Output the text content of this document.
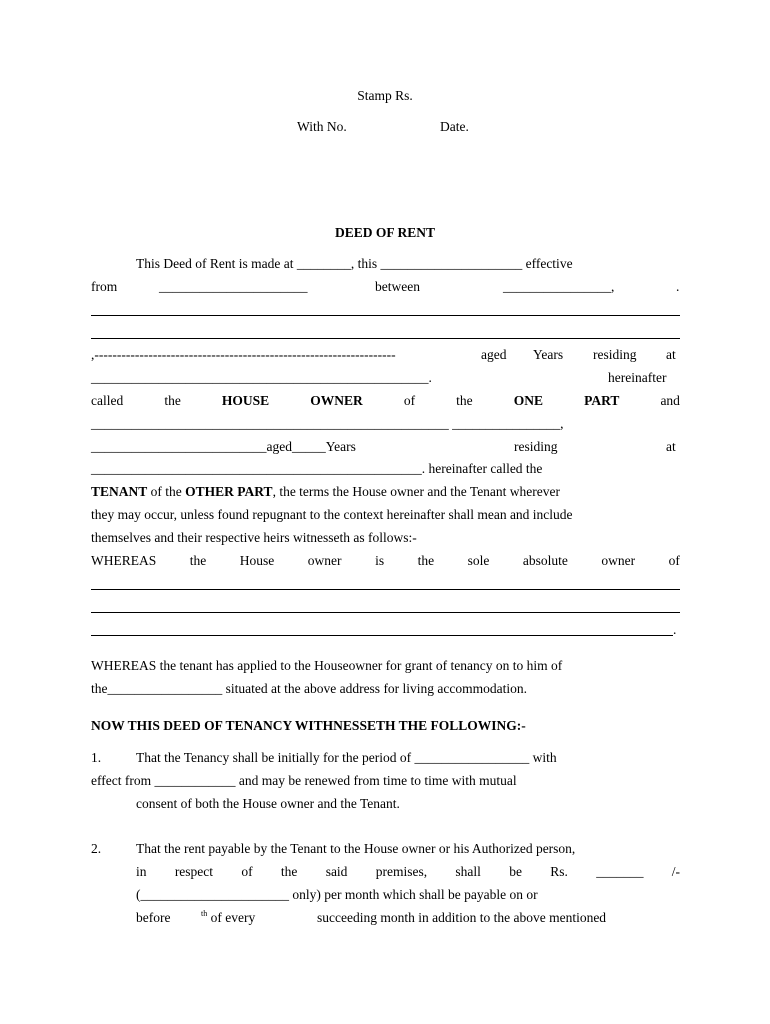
Stamp Rs.
With No.	Date.
DEED OF RENT
This Deed of Rent is made at ________, this _____________________ effective
from	______________________	between	________________,	.
,-------------------------------------------------------------------	aged Years residing at
__________________________________________________.	hereinafter
called	the	HOUSE	OWNER	of	the	ONE	PART	and
_____________________________________________________ ________________,
__________________________aged_____Years	residing	at
_________________________________________________. hereinafter called the
TENANT of the OTHER PART, the terms the House owner and the Tenant wherever
they may occur, unless found repugnant to the context hereinafter shall mean and include
themselves and their respective heirs witnesseth as follows:-
WHEREAS the House owner is the sole absolute owner of
.
WHEREAS the tenant has applied to the Houseowner for grant of tenancy on to him of
the_________________ situated at the above address for living accommodation.
NOW THIS DEED OF TENANCY WITHNESSETH THE FOLLOWING:-
1.	That the Tenancy shall be initially for the period of _________________ with
effect from ____________ and may be renewed from time to time with mutual
consent of both the House owner and the Tenant.
2.	That the rent payable by the Tenant to the House owner or his Authorized person,
in respect of the said premises, shall be Rs. _______ /-
(______________________ only) per month which shall be payable on or
before	$^{th}$ of every	succeeding month in addition to the above mentioned
